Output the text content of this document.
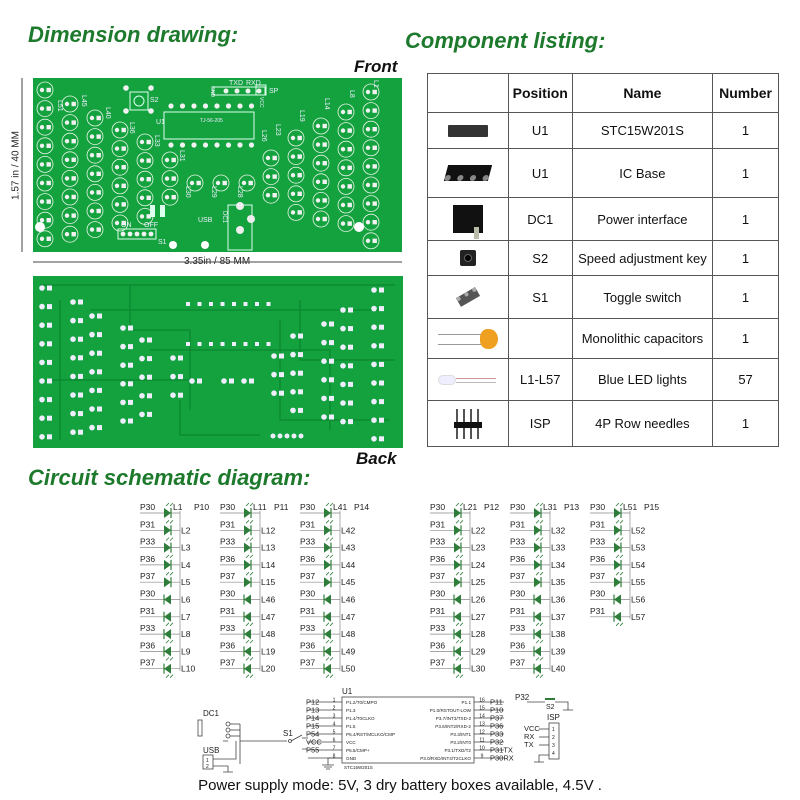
Dimension drawing:	Component listing:
Front
Back
Circuit schematic diagram:
1.57 in / 40 MM
3.35in / 85 MM
L51 L45
L40
L36
L33
L31
L30	L29	L28
L26
L23
L19
L14
L8
L1
S2
U1	TJ-56-205
TXD RXD
GND
VCC
SP
USB DC1
ON OFF
S1
P10
P30 L1
P31
L2
P33
L3
P36
L4
P37
L5
P30
L6
P31
L7
P33
L8
P36
L9
P37
L10
P11
P30 L11
P31
L12
P33
L13
P36
L14
P37
L15
P30
L46
P31
L47
P33
L48
P36
L19
P37
L20
P14
P30 L41
P31
L42
P33
L43
P36
L44
P37
L45
P30
L46
P31
L47
P33
L48
P36
L49
P37
L50
P12
P30 L21
P31
L22
P33
L23
P36
L24
P37
L25
P30
L26
P31
L27
P33
L28
P36
L29
P37
L30
P13
P30 L31
P31
L32
P33
L33
P36
L34
P37
L35
P30
L36
P31
L37
P33
L38
P36
L39
P37
L40
P15
P30 L51
P31
L52
P33
L53
P36
L54
P37
L55
P30
L56
P31
L57
U1
STC15W201S
P12	1 P1.2/T0/CMPO	16
P1.1	P11
P13	2 P1.3	15
P1.0/RSTOUT-LOW	P10
P14	3 P1.4/T0CLKO	14
P3.7/INT3/TXD-2	P37
P15	4 P1.5	13
P3.6/INT2/RXD-2	P36
P54	5 P5.4/RST/MCLKO/CMP	12
P3.3/INT1	P33
VCC 6 VCC	11
P3.2/INT0	P32
P55	7 P5.5/CMP+	10
P3.1/TXD/T2	P31TX
8 GND	9
P3.0/RXD/INT4/T2CLKO	P30RX
DC1
USB
1
2
S1
P32
S2
ISP
1
2
3
4
VCC
RX
TX
	Position	Name	Number

	U1	STC15W201S	1

	U1	IC Base	1

	DC1	Power interface	1

	S2	Speed adjustment key	1

	S1	Toggle switch	1

		Monolithic capacitors	1

	L1-L57	Blue LED lights	57

	ISP	4P Row needles	1
Power supply mode: 5V, 3 dry battery boxes available, 4.5V .
